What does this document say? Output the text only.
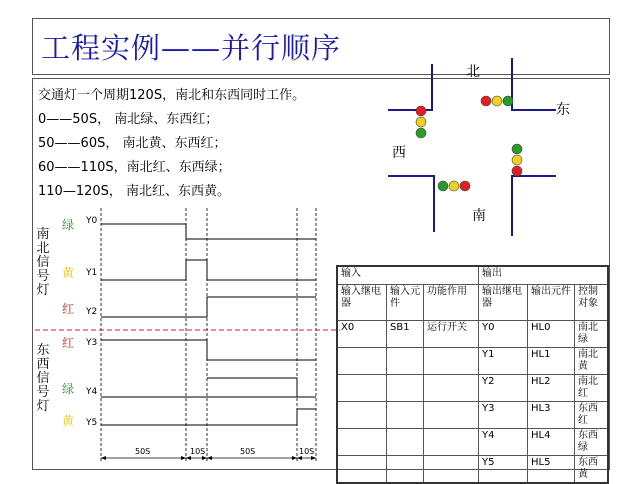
工程实例——并行顺序
交通灯一个周期120S，南北和东西同时工作。
0——50S， 南北绿、东西红；
50——60S， 南北黄、东西红；
60——110S，南北红、东西绿；
110—120S， 南北红、东西黄。
北
东
西
南
50S	10S	50S	10S
南
北
信
号
灯
东
西
信
号
灯
绿
黄
红
红
绿
黄
Y0
Y1
Y2
Y3
Y4
Y5
输入			输出		
输入继电器	输入元件	功能作用	输出继电器	输出元件	控制对象
X0	SB1	运行开关	Y0	HL0	南北绿
			Y1	HL1	南北黄
			Y2	HL2	南北红
			Y3	HL3	东西红
			Y4	HL4	东西绿
			Y5	HL5	东西黄
